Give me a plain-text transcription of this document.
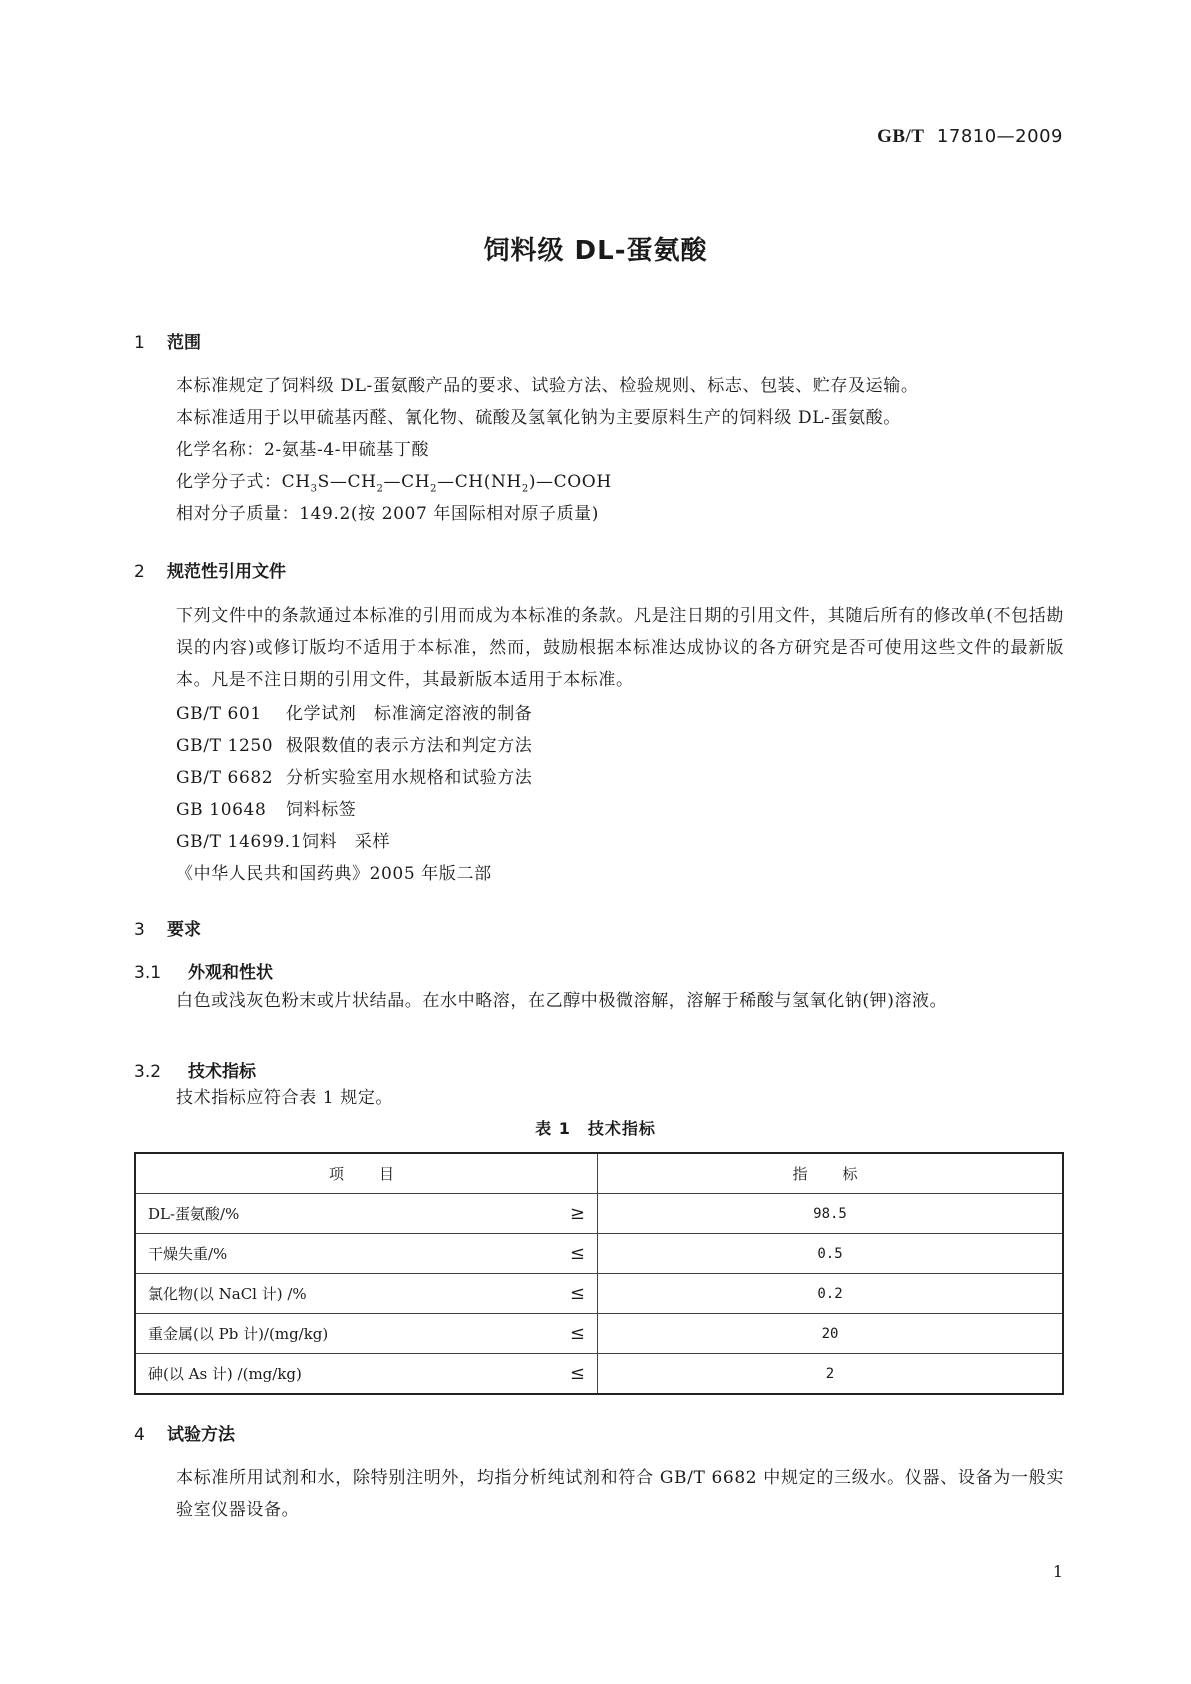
GB/T 17810—2009
饲料级 DL-蛋氨酸
1 范围
本标准规定了饲料级 DL-蛋氨酸产品的要求、试验方法、检验规则、标志、包装、贮存及运输。
本标准适用于以甲硫基丙醛、氰化物、硫酸及氢氧化钠为主要原料生产的饲料级 DL-蛋氨酸。
化学名称：2-氨基-4-甲硫基丁酸
化学分子式：$CH_3S—CH_2—CH_2—CH(NH_2)—COOH$
相对分子质量：149.2(按 2007 年国际相对原子质量)
2 规范性引用文件
下列文件中的条款通过本标准的引用而成为本标准的条款。凡是注日期的引用文件，其随后所有的修改单(不包括勘误的内容)或修订版均不适用于本标准，然而，鼓励根据本标准达成协议的各方研究是否可使用这些文件的最新版本。凡是不注日期的引用文件，其最新版本适用于本标准。
GB/T 601 化学试剂　标准滴定溶液的制备
GB/T 1250 极限数值的表示方法和判定方法
GB/T 6682 分析实验室用水规格和试验方法
GB 10648 饲料标签
GB/T 14699.1饲料　采样
《中华人民共和国药典》2005 年版二部
3 要求
3.1 外观和性状
白色或浅灰色粉末或片状结晶。在水中略溶，在乙醇中极微溶解，溶解于稀酸与氢氧化钠(钾)溶液。
3.2 技术指标
技术指标应符合表 1 规定。
表 1　技术指标
项　目		指　标
DL-蛋氨酸/%	≥	98.5
干燥失重/%	≤	0.5
氯化物(以 NaCl 计) /%	≤	0.2
重金属(以 Pb 计)/(mg/kg)	≤	20
砷(以 As 计) /(mg/kg)	≤	2
4 试验方法
本标准所用试剂和水，除特别注明外，均指分析纯试剂和符合 GB/T 6682 中规定的三级水。仪器、设备为一般实验室仪器设备。
1
